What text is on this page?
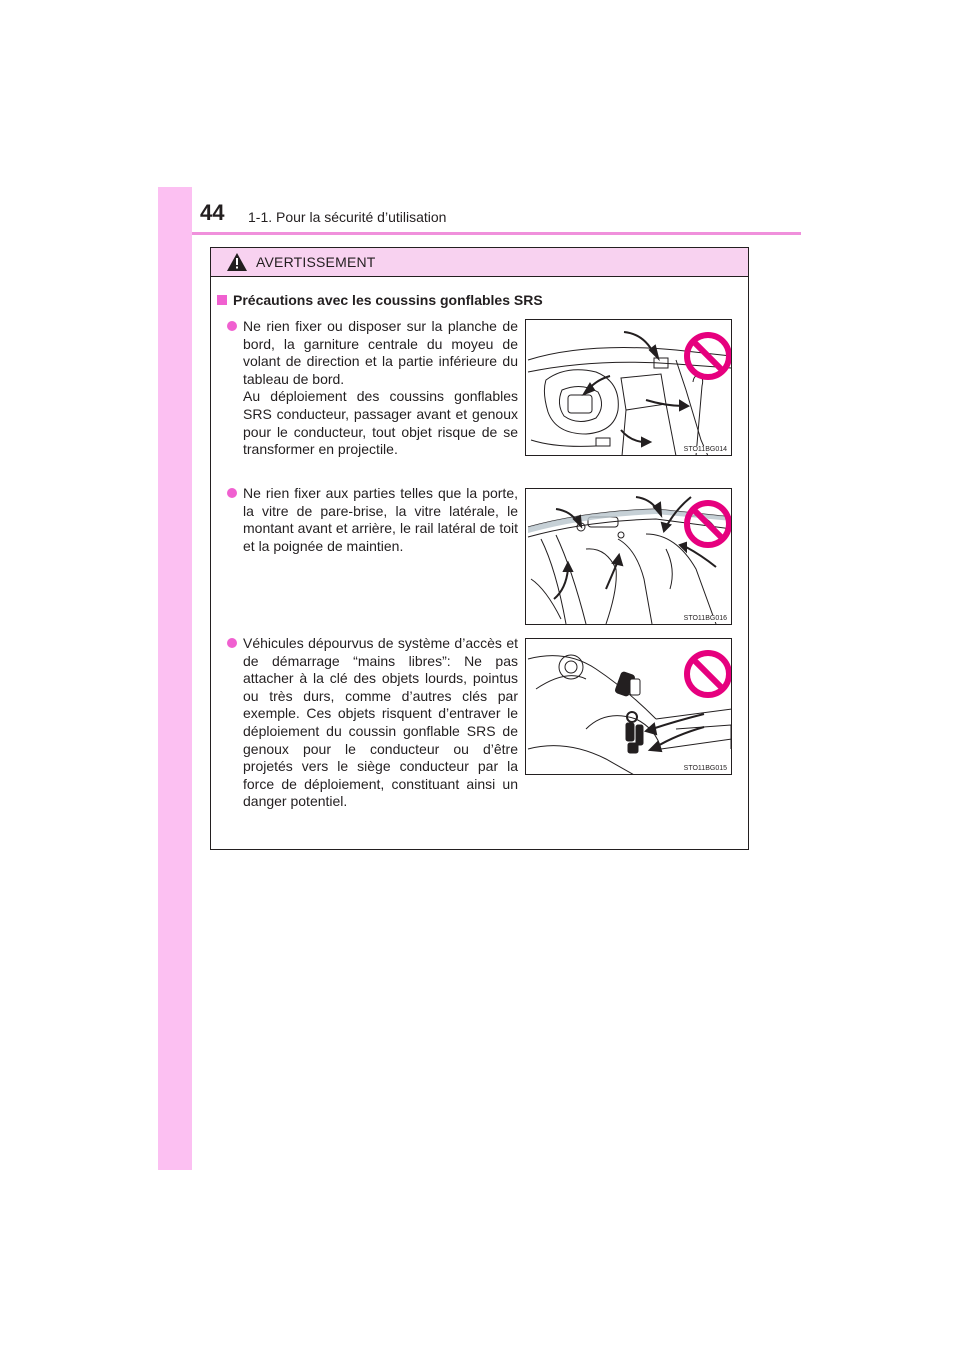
44 1-1. Pour la sécurité d’utilisation
AVERTISSEMENT
Précautions avec les coussins gonflables SRS
Ne rien fixer ou disposer sur la planche de bord, la garniture centrale du moyeu de volant de direction et la partie inférieure du tableau de bord.
Au déploiement des coussins gonflables SRS conducteur, passager avant et genoux pour le conducteur, tout objet risque de se transformer en projectile.	STO11BG014
Ne rien fixer aux parties telles que la porte, la vitre de pare-brise, la vitre latérale, le montant avant et arrière, le rail latéral de toit et la poignée de maintien.
STO11BG016
Véhicules dépourvus de système d’accès et de démarrage “mains libres”: Ne pas attacher à la clé des objets lourds, pointus ou très durs, comme d’autres clés par exemple. Ces objets risquent d’entraver le déploiement du coussin gonflable SRS de genoux pour le conducteur ou d’être projetés vers le siège conducteur par la force de déploiement, constituant ainsi un danger potentiel.
STO11BG015
